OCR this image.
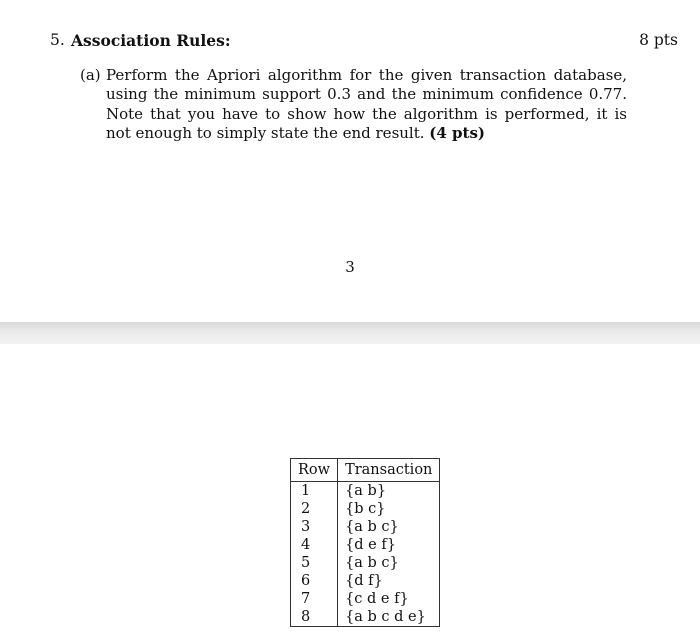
5. Association Rules:	8 pts
(a) Perform the Apriori algorithm for the given transaction database, using the minimum support 0.3 and the minimum confidence 0.77. Note that you have to show how the algorithm is performed, it is not enough to simply state the end result. (4 pts)
3
Row	Transaction
1	{a b}
2	{b c}
3	{a b c}
4	{d e f}
5	{a b c}
6	{d f}
7	{c d e f}
8	{a b c d e}
